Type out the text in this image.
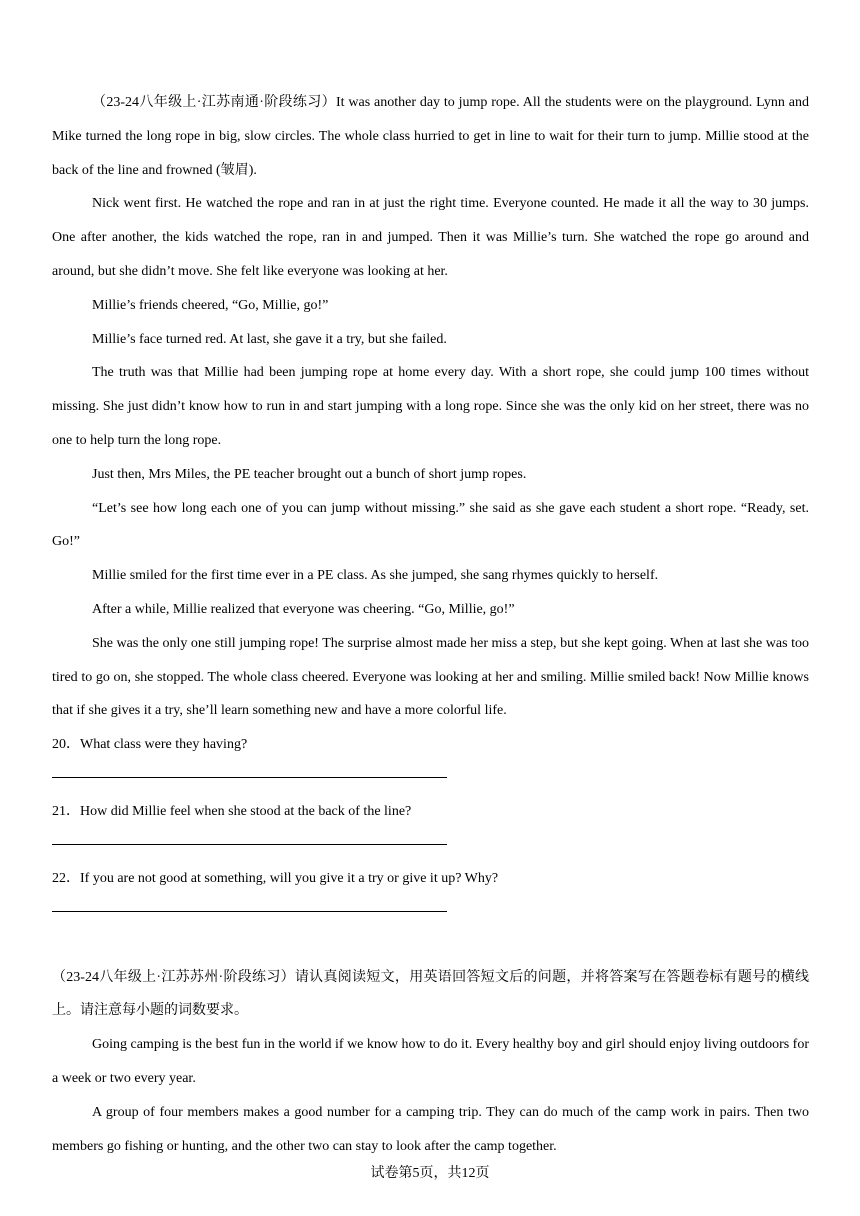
（23-24八年级上·江苏南通·阶段练习）It was another day to jump rope. All the students were on the playground. Lynn and Mike turned the long rope in big, slow circles. The whole class hurried to get in line to wait for their turn to jump. Millie stood at the back of the line and frowned (皱眉).

Nick went first. He watched the rope and ran in at just the right time. Everyone counted. He made it all the way to 30 jumps. One after another, the kids watched the rope, ran in and jumped. Then it was Millie’s turn. She watched the rope go around and around, but she didn’t move. She felt like everyone was looking at her.

Millie’s friends cheered, “Go, Millie, go!”

Millie’s face turned red. At last, she gave it a try, but she failed.

The truth was that Millie had been jumping rope at home every day. With a short rope, she could jump 100 times without missing. She just didn’t know how to run in and start jumping with a long rope. Since she was the only kid on her street, there was no one to help turn the long rope.

Just then, Mrs Miles, the PE teacher brought out a bunch of short jump ropes.

“Let’s see how long each one of you can jump without missing.” she said as she gave each student a short rope. “Ready, set. Go!”

Millie smiled for the first time ever in a PE class. As she jumped, she sang rhymes quickly to herself.

After a while, Millie realized that everyone was cheering. “Go, Millie, go!”

She was the only one still jumping rope! The surprise almost made her miss a step, but she kept going. When at last she was too tired to go on, she stopped. The whole class cheered. Everyone was looking at her and smiling. Millie smiled back! Now Millie knows that if she gives it a try, she’ll learn something new and have a more colorful life.

20．What class were they having?
21．How did Millie feel when she stood at the back of the line?
22．If you are not good at something, will you give it a try or give it up? Why?

（23-24八年级上·江苏苏州·阶段练习）请认真阅读短文，用英语回答短文后的问题，并将答案写在答题卷标有题号的横线上。请注意每小题的词数要求。

Going camping is the best fun in the world if we know how to do it. Every healthy boy and girl should enjoy living outdoors for a week or two every year.

A group of four members makes a good number for a camping trip. They can do much of the camp work in pairs. Then two members go fishing or hunting, and the other two can stay to look after the camp together.

试卷第5页，共12页
